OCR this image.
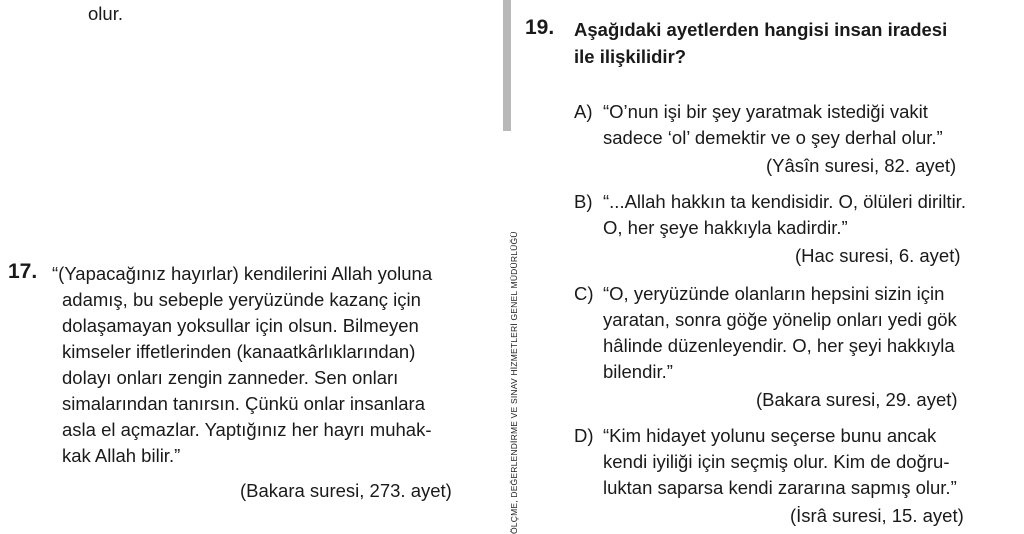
olur.
ÖLÇME, DEĞERLENDİRME VE SINAV HİZMETLERİ GENEL MÜDÜRLÜĞÜ
17. “(Yapacağınız hayırlar) kendilerini Allah yoluna
adamış, bu sebeple yeryüzünde kazanç için
dolaşamayan yoksullar için olsun. Bilmeyen
kimseler iffetlerinden (kanaatkârlıklarından)
dolayı onları zengin zanneder. Sen onları
simalarından tanırsın. Çünkü onlar insanlara
asla el açmazlar. Yaptığınız her hayrı muhak-
kak Allah bilir.”
(Bakara suresi, 273. ayet)
19. Aşağıdaki ayetlerden hangisi insan iradesi
ile ilişkilidir?
A) “O’nun işi bir şey yaratmak istediği vakit
sadece ‘ol’ demektir ve o şey derhal olur.”
(Yâsîn suresi, 82. ayet)
B) “...Allah hakkın ta kendisidir. O, ölüleri diriltir.
O, her şeye hakkıyla kadirdir.”
(Hac suresi, 6. ayet)
C) “O, yeryüzünde olanların hepsini sizin için
yaratan, sonra göğe yönelip onları yedi gök
hâlinde düzenleyendir. O, her şeyi hakkıyla
bilendir.”
(Bakara suresi, 29. ayet)
D) “Kim hidayet yolunu seçerse bunu ancak
kendi iyiliği için seçmiş olur. Kim de doğru-
luktan saparsa kendi zararına sapmış olur.”
(İsrâ suresi, 15. ayet)
